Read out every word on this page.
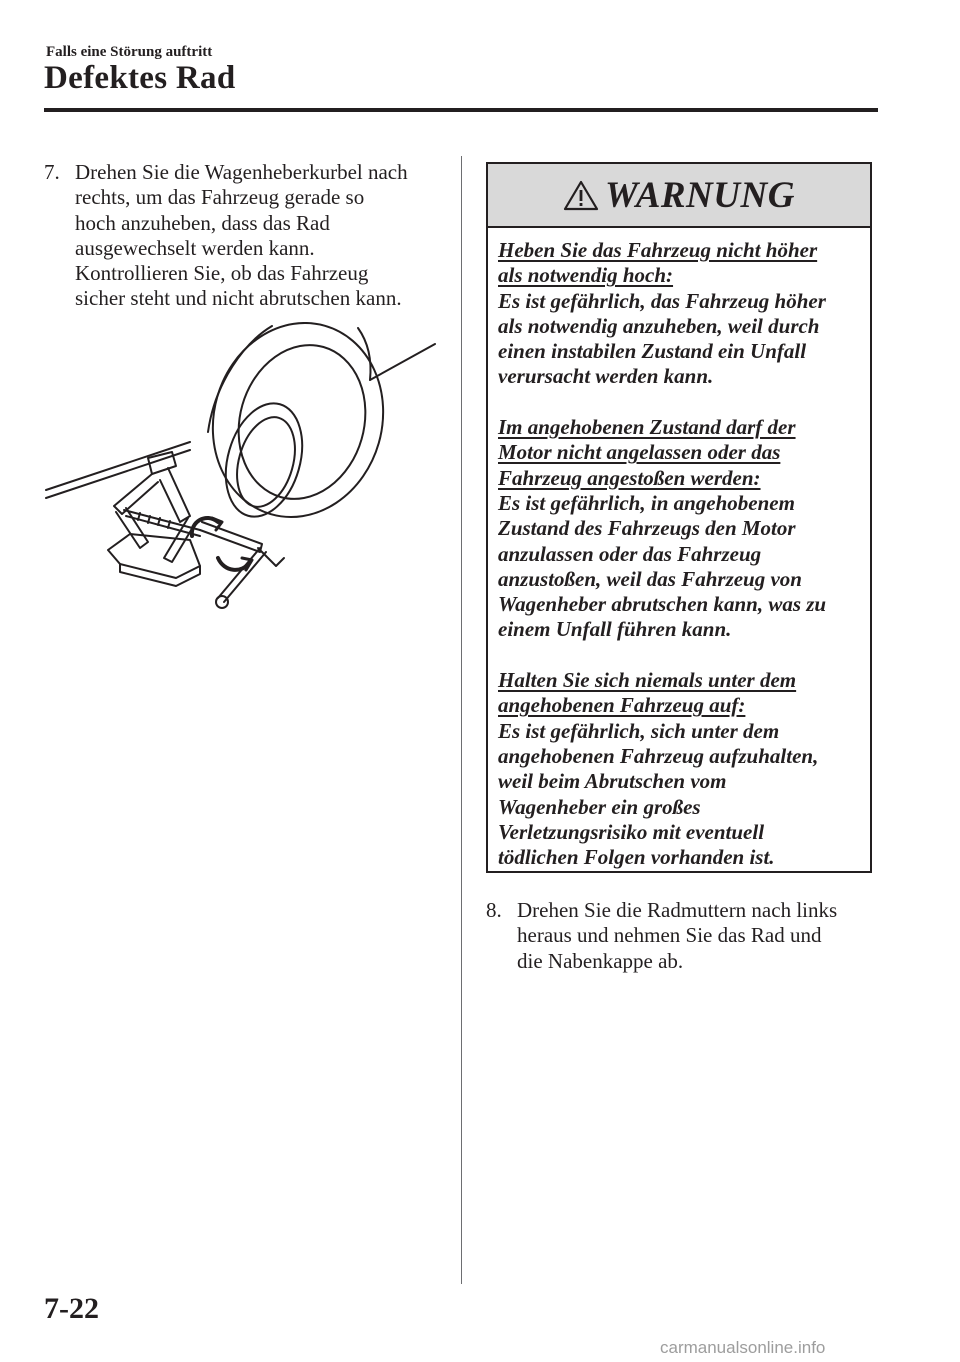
Falls eine Störung auftritt
Defektes Rad
7. Drehen Sie die Wagenheberkurbel nach
rechts, um das Fahrzeug gerade so
hoch anzuheben, dass das Rad
ausgewechselt werden kann.
Kontrollieren Sie, ob das Fahrzeug
sicher steht und nicht abrutschen kann.
WARNUNG
Heben Sie das Fahrzeug nicht höher
als notwendig hoch:
Es ist gefährlich, das Fahrzeug höher
als notwendig anzuheben, weil durch
einen instabilen Zustand ein Unfall
verursacht werden kann.
Im angehobenen Zustand darf der
Motor nicht angelassen oder das
Fahrzeug angestoßen werden:
Es ist gefährlich, in angehobenem
Zustand des Fahrzeugs den Motor
anzulassen oder das Fahrzeug
anzustoßen, weil das Fahrzeug von
Wagenheber abrutschen kann, was zu
einem Unfall führen kann.
Halten Sie sich niemals unter dem
angehobenen Fahrzeug auf:
Es ist gefährlich, sich unter dem
angehobenen Fahrzeug aufzuhalten,
weil beim Abrutschen vom
Wagenheber ein großes
Verletzungsrisiko mit eventuell
tödlichen Folgen vorhanden ist.
8. Drehen Sie die Radmuttern nach links
heraus und nehmen Sie das Rad und
die Nabenkappe ab.
7-22
carmanualsonline.info
